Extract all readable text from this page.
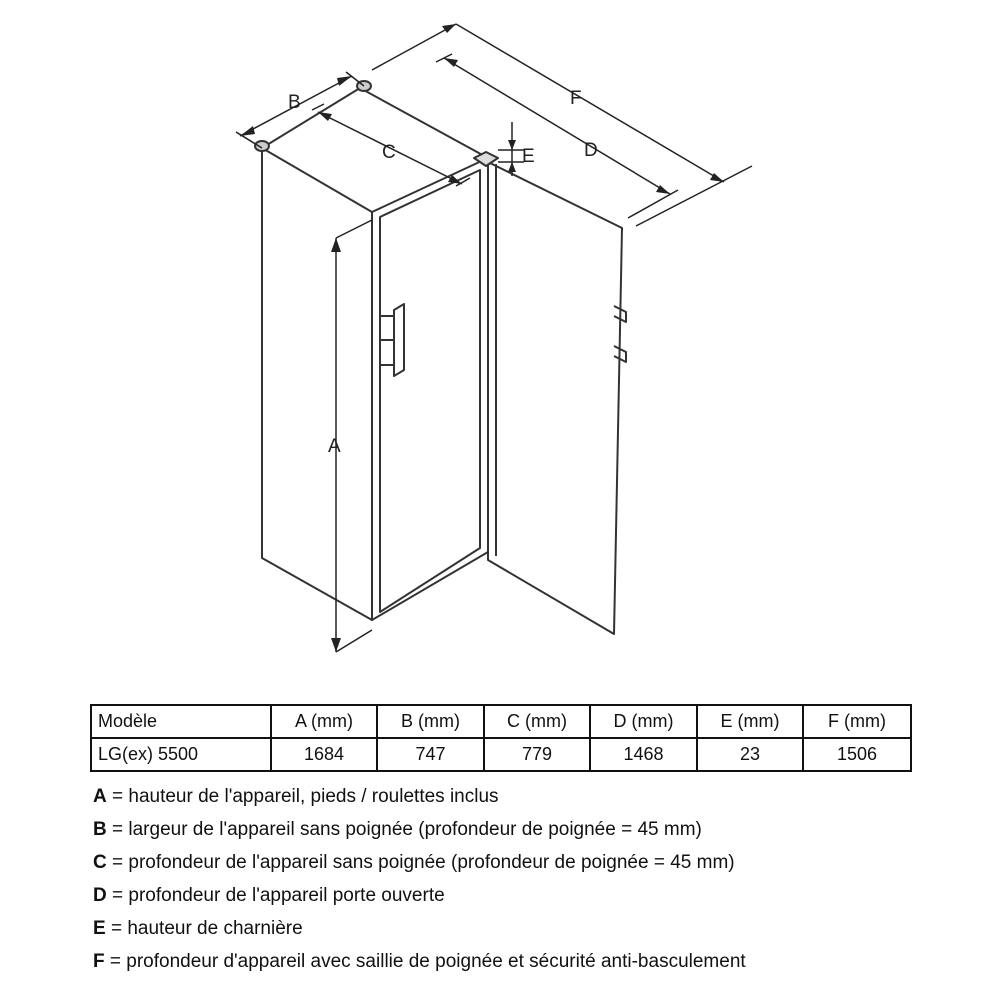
A
B
C	D
E
F
Modèle	A (mm)	B (mm)	C (mm)	D (mm)	E (mm)	F (mm)
LG(ex) 5500	1684	747	779	1468	23	1506
A = hauteur de l'appareil, pieds / roulettes inclus
B = largeur de l'appareil sans poignée (profondeur de poignée = 45 mm)
C = profondeur de l'appareil sans poignée (profondeur de poignée = 45 mm)
D = profondeur de l'appareil porte ouverte
E = hauteur de charnière
F = profondeur d'appareil avec saillie de poignée et sécurité anti-basculement
